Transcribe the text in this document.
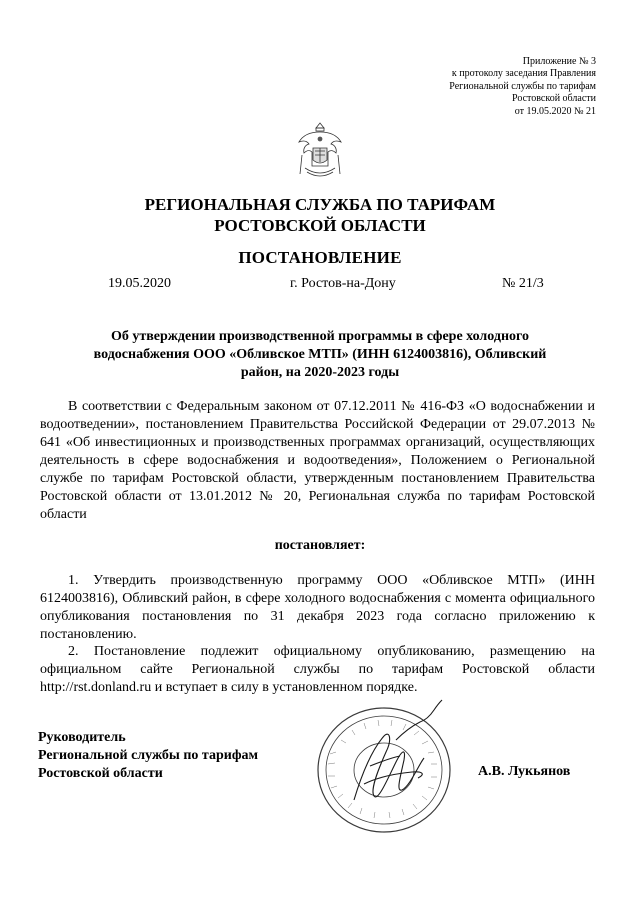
Приложение № 3
к протоколу заседания Правления
Региональной службы по тарифам
Ростовской области
от 19.05.2020 № 21
РЕГИОНАЛЬНАЯ СЛУЖБА ПО ТАРИФАМ
РОСТОВСКОЙ ОБЛАСТИ
ПОСТАНОВЛЕНИЕ
19.05.2020	г. Ростов-на-Дону	№ 21/3
Об утверждении производственной программы в сфере холодного
водоснабжения ООО «Обливское МТП» (ИНН 6124003816), Обливский
район, на 2020-2023 годы
В соответствии с Федеральным законом от 07.12.2011 № 416-ФЗ «О водоснабжении и водоотведении», постановлением Правительства Российской Федерации от 29.07.2013 № 641 «Об инвестиционных и производственных программах организаций, осуществляющих деятельность в сфере водоснабжения и водоотведения», Положением о Региональной службе по тарифам Ростовской области, утвержденным постановлением Правительства Ростовской области от 13.01.2012 № 20, Региональная служба по тарифам Ростовской области
постановляет:
1. Утвердить производственную программу ООО «Обливское МТП» (ИНН 6124003816), Обливский район, в сфере холодного водоснабжения с момента официального опубликования постановления по 31 декабря 2023 года согласно приложению к постановлению.
2. Постановление подлежит официальному опубликованию, размещению на официальном сайте Региональной службы по тарифам Ростовской области http://rst.donland.ru и вступает в силу в установленном порядке.
Руководитель
Региональной службы по тарифам
Ростовской области	А.В. Лукьянов
